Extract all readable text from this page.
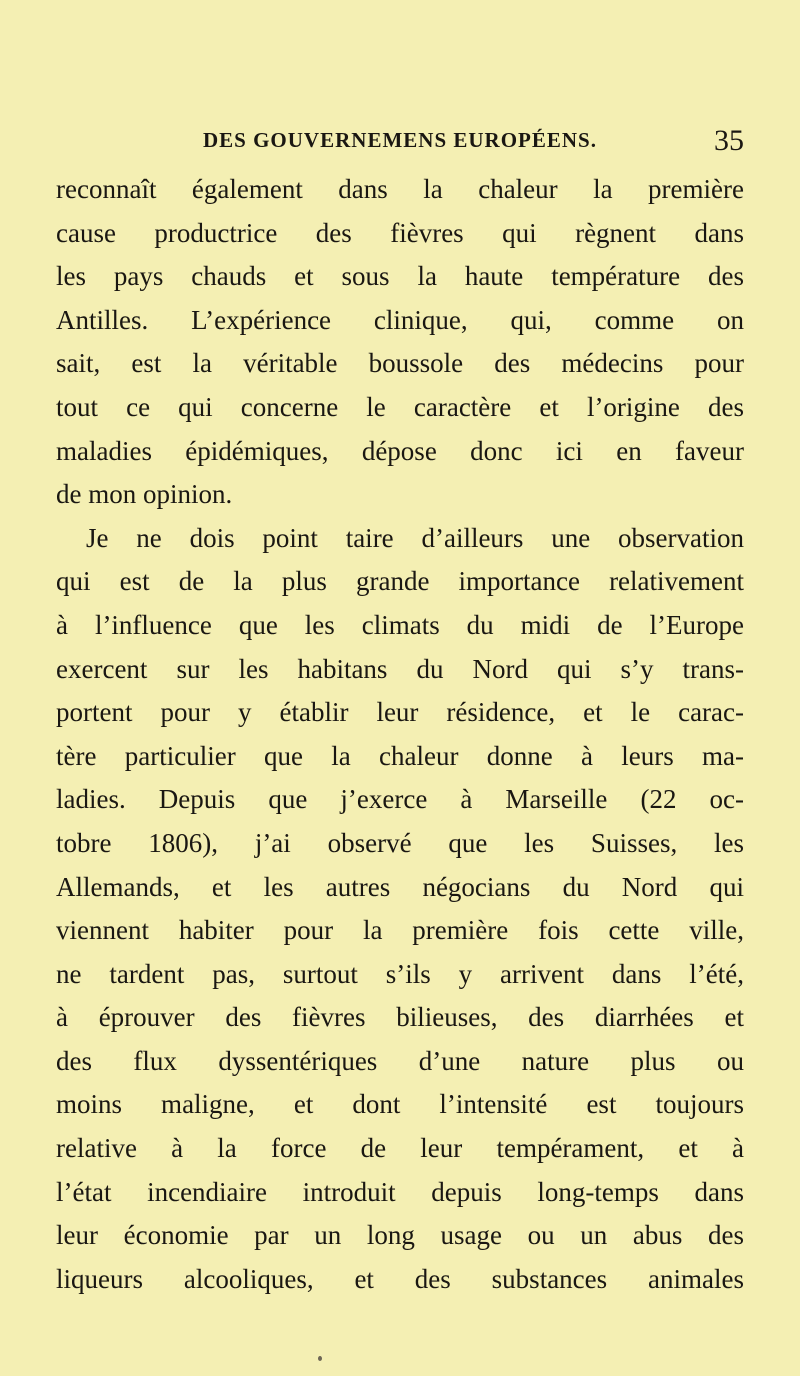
DES GOUVERNEMENS EUROPÉENS.	35
reconnaît également dans la chaleur la première
cause productrice des fièvres qui règnent dans
les pays chauds et sous la haute température des
Antilles. L’expérience clinique, qui, comme on
sait, est la véritable boussole des médecins pour
tout ce qui concerne le caractère et l’origine des
maladies épidémiques, dépose donc ici en faveur
de mon opinion.
Je ne dois point taire d’ailleurs une observation
qui est de la plus grande importance relativement
à l’influence que les climats du midi de l’Europe
exercent sur les habitans du Nord qui s’y trans-
portent pour y établir leur résidence, et le carac-
tère particulier que la chaleur donne à leurs ma-
ladies. Depuis que j’exerce à Marseille (22 oc-
tobre 1806), j’ai observé que les Suisses, les
Allemands, et les autres négocians du Nord qui
viennent habiter pour la première fois cette ville,
ne tardent pas, surtout s’ils y arrivent dans l’été,
à éprouver des fièvres bilieuses, des diarrhées et
des flux dyssentériques d’une nature plus ou
moins maligne, et dont l’intensité est toujours
relative à la force de leur tempérament, et à
l’état incendiaire introduit depuis long-temps dans
leur économie par un long usage ou un abus des
liqueurs alcooliques, et des substances animales
